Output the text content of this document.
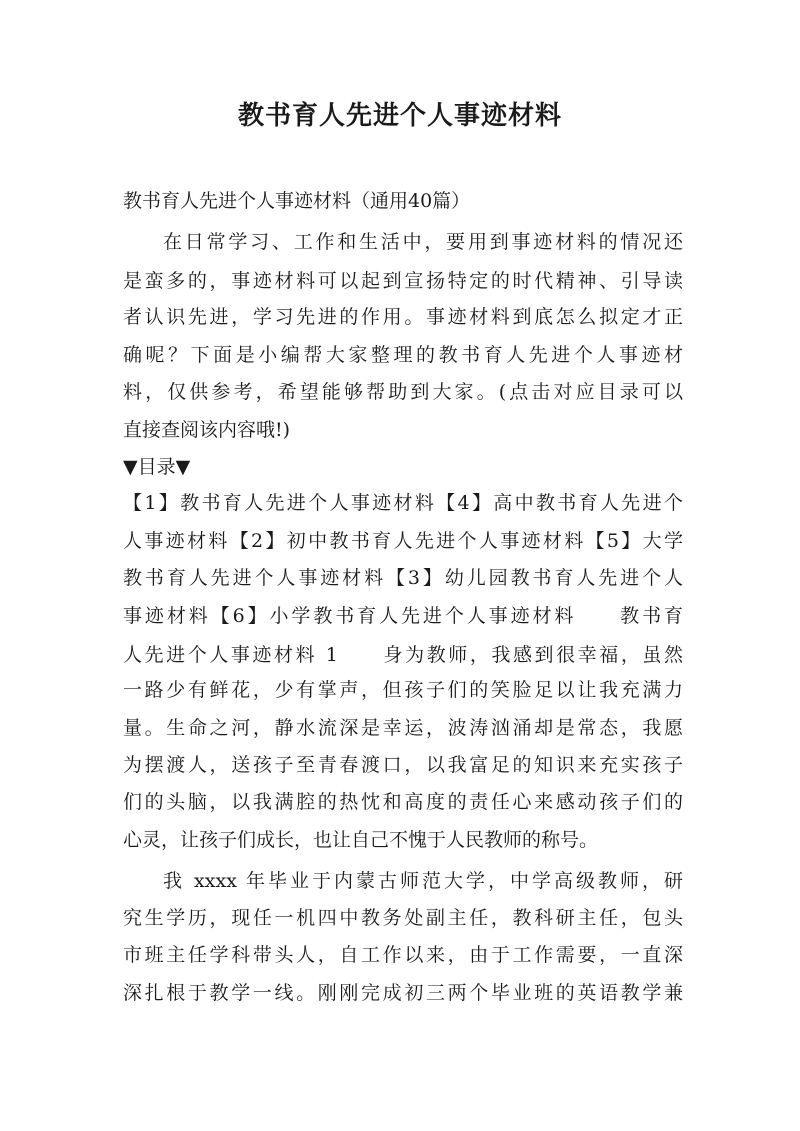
教书育人先进个人事迹材料
教书育人先进个人事迹材料（通用40篇）
在日常学习、工作和生活中，要用到事迹材料的情况还
是蛮多的，事迹材料可以起到宣扬特定的时代精神、引导读
者认识先进，学习先进的作用。事迹材料到底怎么拟定才正
确呢？下面是小编帮大家整理的教书育人先进个人事迹材
料，仅供参考，希望能够帮助到大家。(点击对应目录可以
直接查阅该内容哦!)
▼目录▼
【1】教书育人先进个人事迹材料【4】高中教书育人先进个
人事迹材料【2】初中教书育人先进个人事迹材料【5】大学
教书育人先进个人事迹材料【3】幼儿园教书育人先进个人
事迹材料【6】小学教书育人先进个人事迹材料　　教书育
人先进个人事迹材料 1　　身为教师，我感到很幸福，虽然
一路少有鲜花，少有掌声，但孩子们的笑脸足以让我充满力
量。生命之河，静水流深是幸运，波涛汹涌却是常态，我愿
为摆渡人，送孩子至青春渡口，以我富足的知识来充实孩子
们的头脑，以我满腔的热忱和高度的责任心来感动孩子们的
心灵，让孩子们成长，也让自己不愧于人民教师的称号。
我 xxxx 年毕业于内蒙古师范大学，中学高级教师，研
究生学历，现任一机四中教务处副主任，教科研主任，包头
市班主任学科带头人，自工作以来，由于工作需要，一直深
深扎根于教学一线。刚刚完成初三两个毕业班的英语教学兼
